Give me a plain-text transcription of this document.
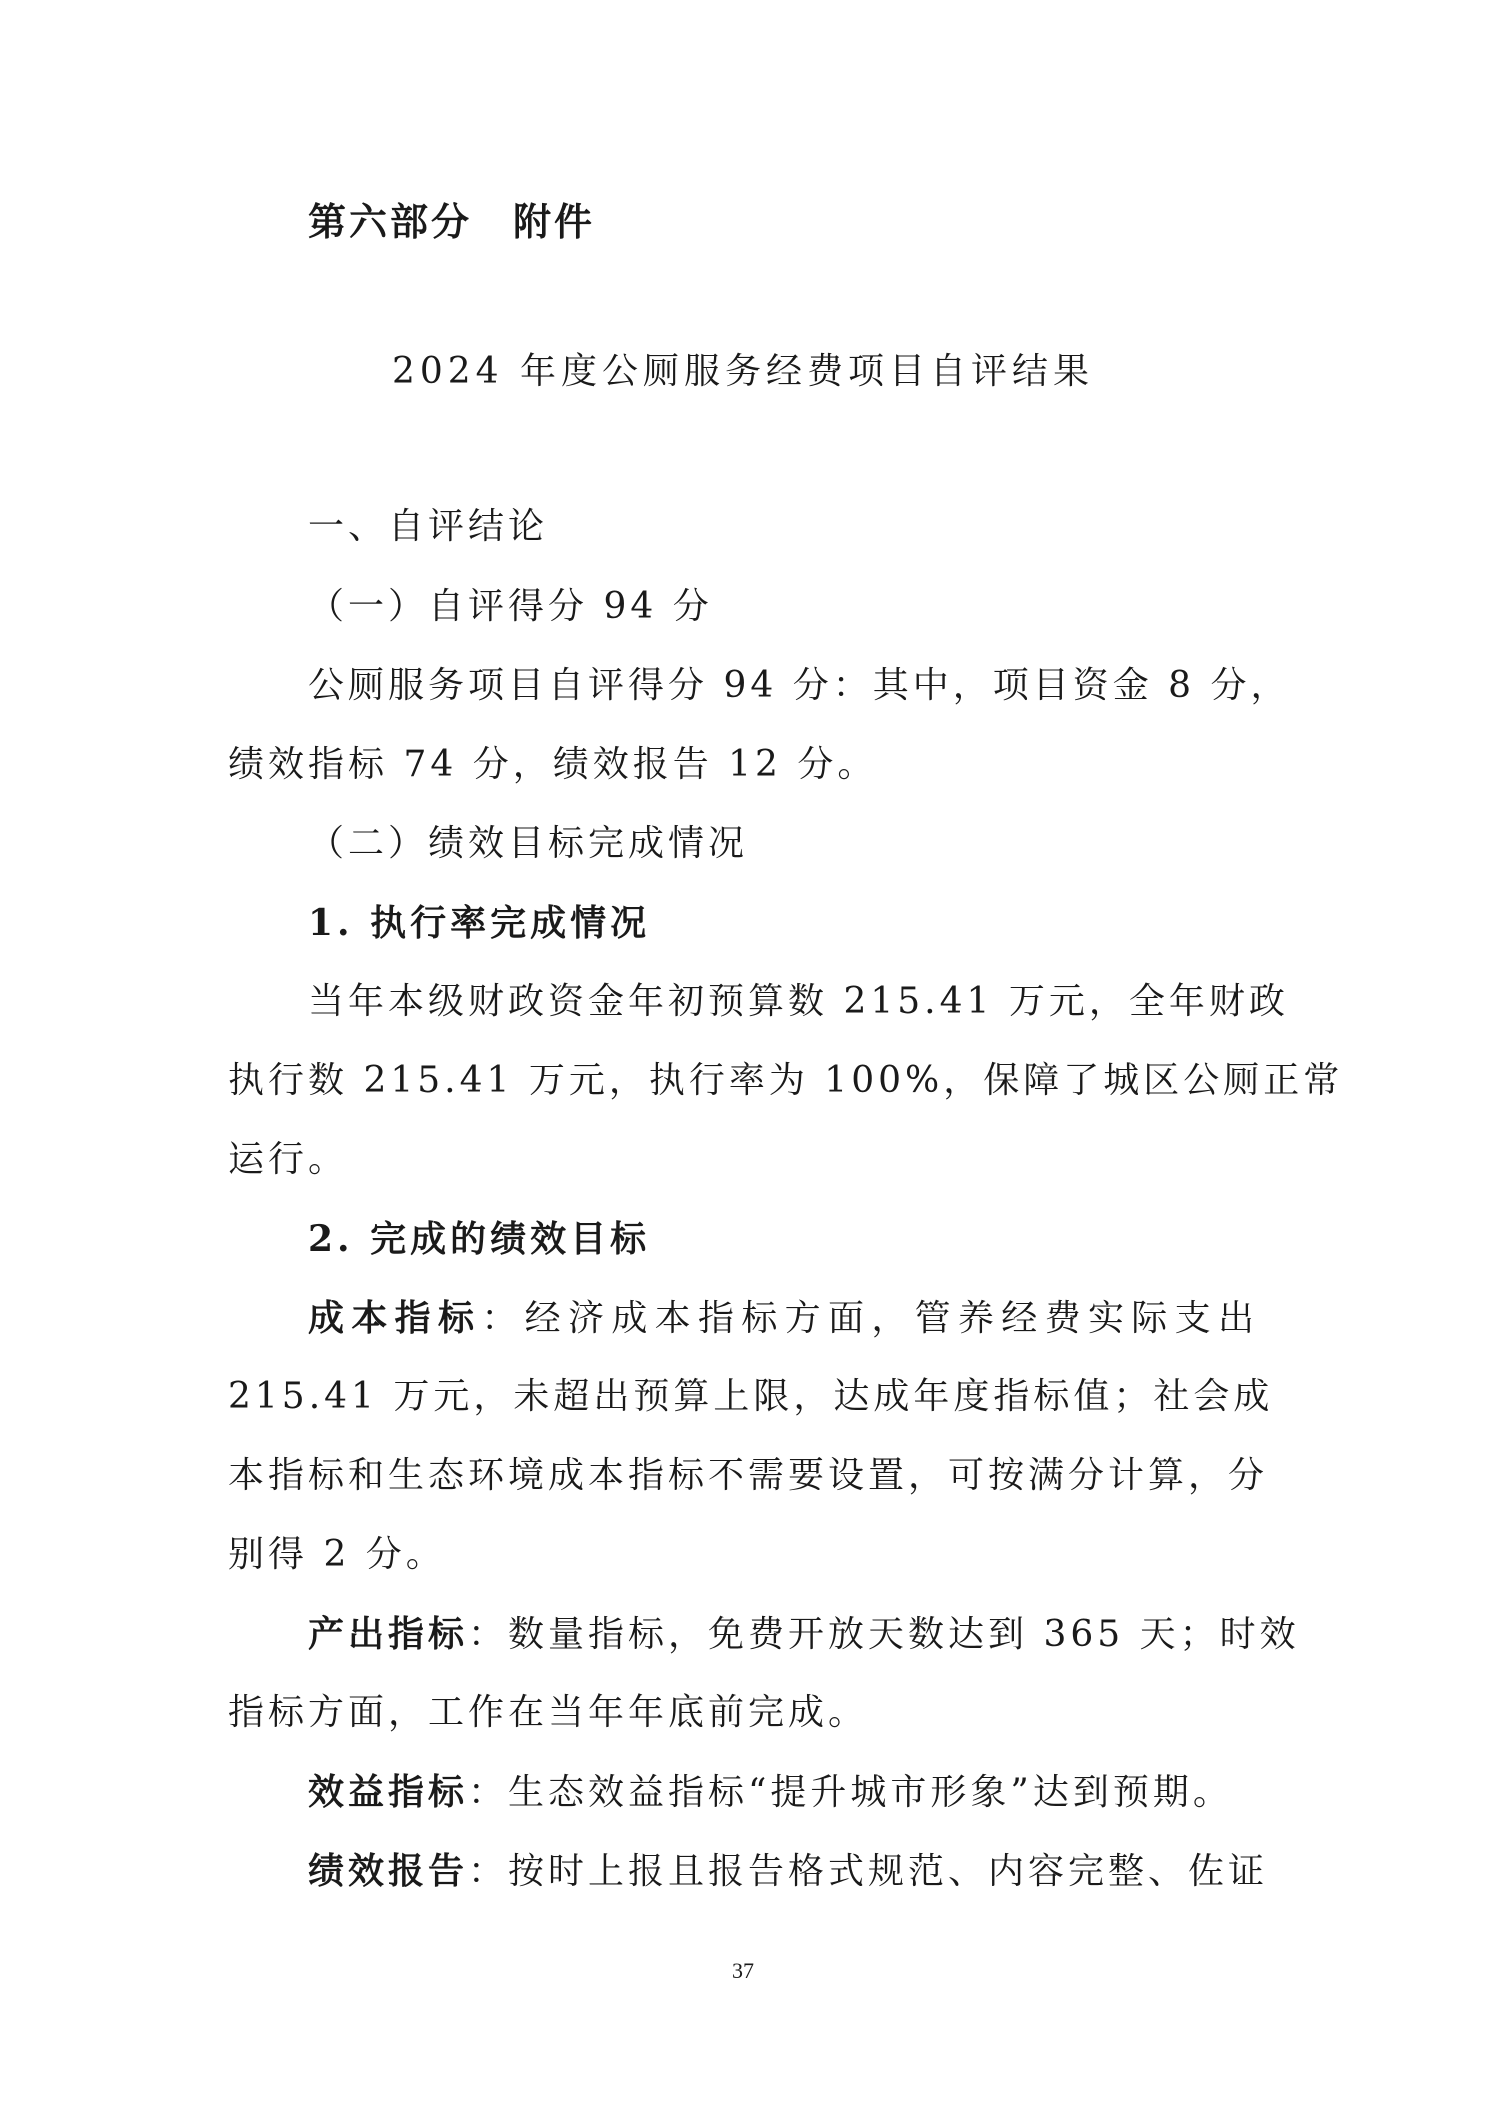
第六部分　附件
2024 年度公厕服务经费项目自评结果
一、自评结论
（一）自评得分 94 分
公厕服务项目自评得分 94 分：其中，项目资金 8 分，
绩效指标 74 分，绩效报告 12 分。
（二）绩效目标完成情况
1. 执行率完成情况
当年本级财政资金年初预算数 215.41 万元，全年财政
执行数 215.41 万元，执行率为 100%，保障了城区公厕正常
运行。
2. 完成的绩效目标
成本指标：经济成本指标方面，管养经费实际支出
215.41 万元，未超出预算上限，达成年度指标值；社会成
本指标和生态环境成本指标不需要设置，可按满分计算，分
别得 2 分。
产出指标：数量指标，免费开放天数达到 365 天；时效
指标方面，工作在当年年底前完成。
效益指标：生态效益指标“提升城市形象”达到预期。
绩效报告：按时上报且报告格式规范、内容完整、佐证
37
